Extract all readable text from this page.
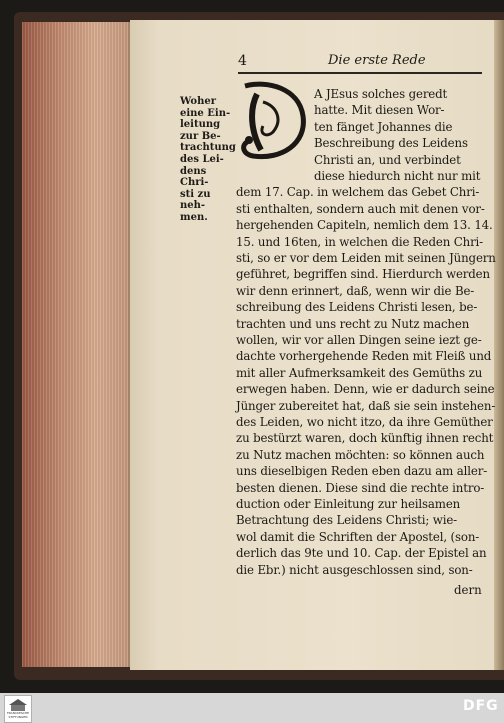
4	Die erste Rede
Woher
eine Ein-
leitung
zur Be-
trachtung
des Lei-
dens Chri-
sti zu neh-
men.
A JEsus solches geredt
hatte. Mit diesen Wor-
ten fänget Johannes die
Beschreibung des Leidens
Christi an, und verbindet
diese hiedurch nicht nur mit
dem 17. Cap. in welchem das Gebet Chri-
sti enthalten, sondern auch mit denen vor-
hergehenden Capiteln, nemlich dem 13. 14.
15. und 16ten, in welchen die Reden Chri-
sti, so er vor dem Leiden mit seinen Jüngern
geführet, begriffen sind. Hierdurch werden
wir denn erinnert, daß, wenn wir die Be-
schreibung des Leidens Christi lesen, be-
trachten und uns recht zu Nutz machen
wollen, wir vor allen Dingen seine iezt ge-
dachte vorhergehende Reden mit Fleiß und
mit aller Aufmerksamkeit des Gemüths zu
erwegen haben. Denn, wie er dadurch seine
Jünger zubereitet hat, daß sie sein instehen-
des Leiden, wo nicht itzo, da ihre Gemüther
zu bestürzt waren, doch künftig ihnen recht
zu Nutz machen möchten: so können auch
uns dieselbigen Reden eben dazu am aller-
besten dienen. Diese sind die rechte intro-
duction oder Einleitung zur heilsamen
Betrachtung des Leidens Christi; wie-
wol damit die Schriften der Apostel, (son-
derlich das 9te und 10. Cap. der Epistel an
die Ebr.) nicht ausgeschlossen sind, son-
dern
FRANCKESCHE STIFTUNGEN
DFG
